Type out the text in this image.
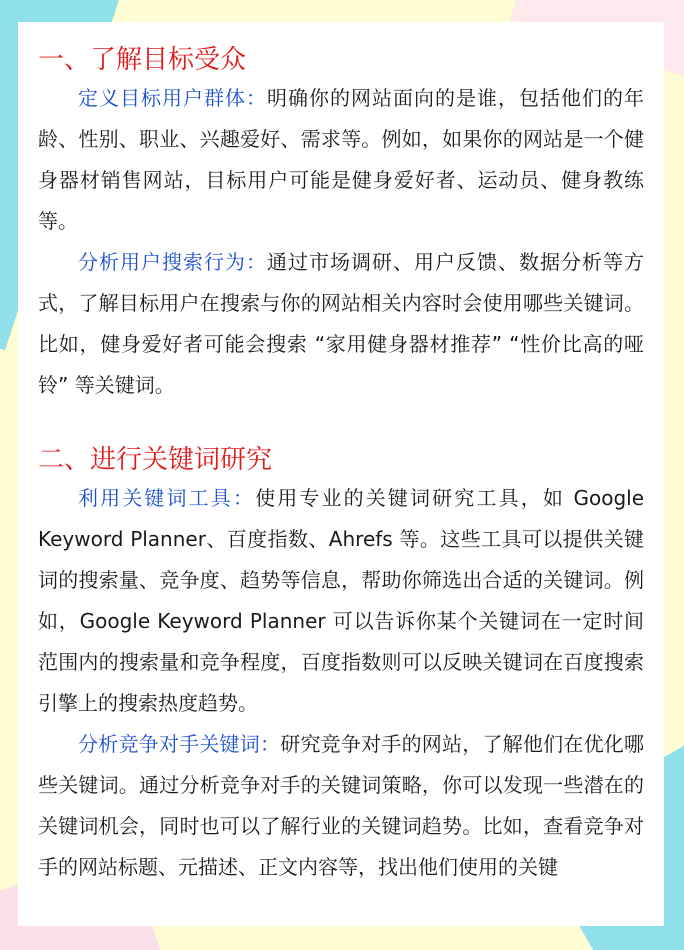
一、了解目标受众

定义目标用户群体：明确你的网站面向的是谁，包括他们的年龄、性别、职业、兴趣爱好、需求等。例如，如果你的网站是一个健身器材销售网站，目标用户可能是健身爱好者、运动员、健身教练等。

分析用户搜索行为：通过市场调研、用户反馈、数据分析等方式，了解目标用户在搜索与你的网站相关内容时会使用哪些关键词。比如，健身爱好者可能会搜索 “家用健身器材推荐” “性价比高的哑铃” 等关键词。

二、进行关键词研究

利用关键词工具：使用专业的关键词研究工具，如 Google Keyword Planner、百度指数、Ahrefs 等。这些工具可以提供关键词的搜索量、竞争度、趋势等信息，帮助你筛选出合适的关键词。例如，Google Keyword Planner 可以告诉你某个关键词在一定时间范围内的搜索量和竞争程度，百度指数则可以反映关键词在百度搜索引擎上的搜索热度趋势。

分析竞争对手关键词：研究竞争对手的网站，了解他们在优化哪些关键词。通过分析竞争对手的关键词策略，你可以发现一些潜在的关键词机会，同时也可以了解行业的关键词趋势。比如，查看竞争对手的网站标题、元描述、正文内容等，找出他们使用的关键
